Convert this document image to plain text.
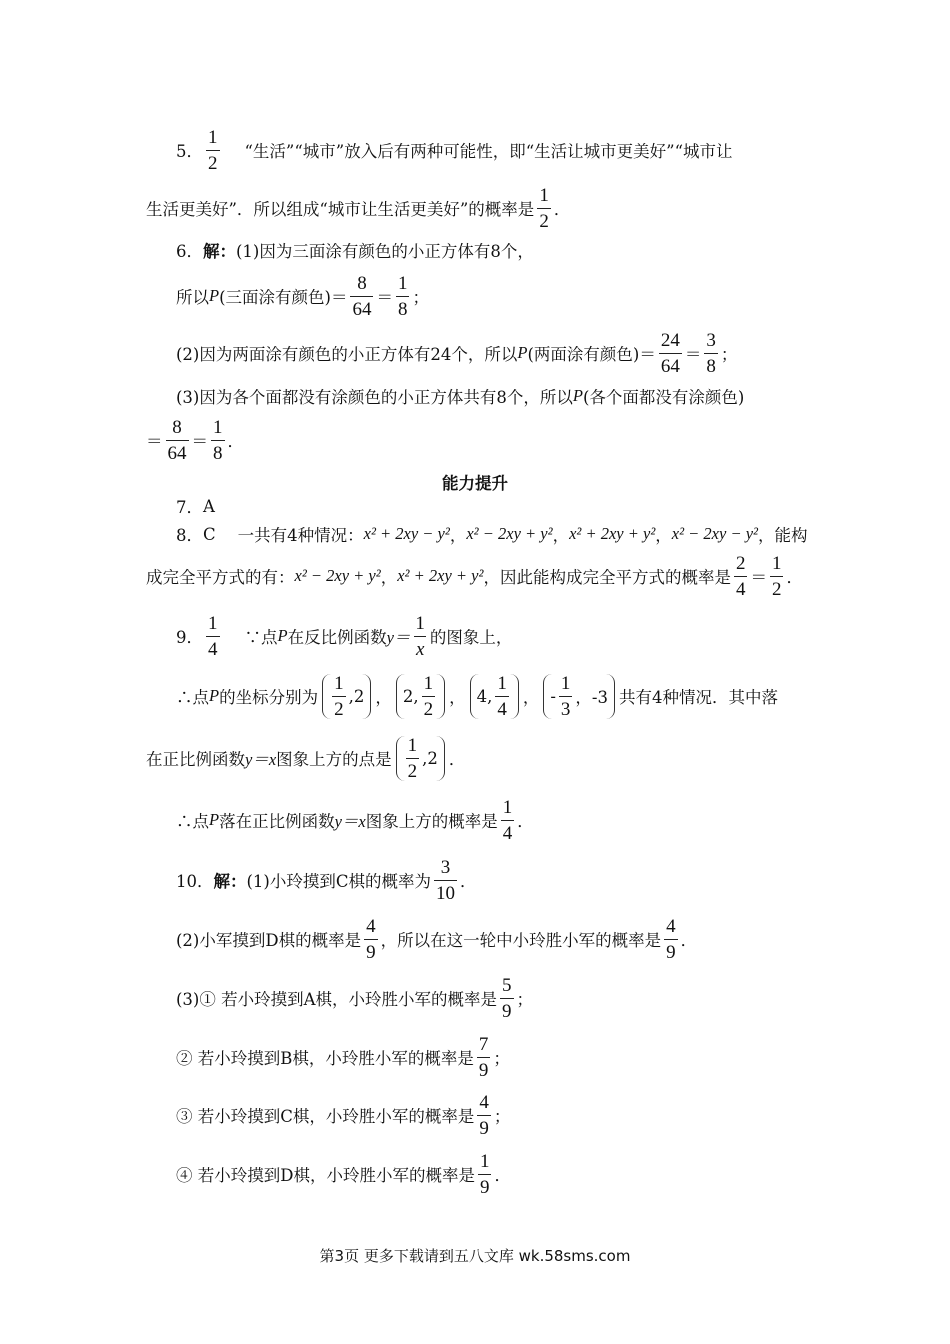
5． $\frac{1}{2}$ “生活”“城市”放入后有两种可能性，即“生活让城市更美好”“城市让
生活更美好”．所以组成“城市让生活更美好”的概率是 $\frac{1}{2}$ ．
6． 解： (1)因为三面涂有颜色的小正方体有8个，
所以 P (三面涂有颜色)＝ $\frac{8}{64} = \frac{1}{8}$ ；
(2)因为两面涂有颜色的小正方体有24个，所以 P (两面涂有颜色)＝ $\frac{24}{64} = \frac{3}{8}$ ；
(3)因为各个面都没有涂颜色的小正方体共有8个，所以 P (各个面都没有涂颜色)
＝ $\frac{8}{64} = \frac{1}{8}$ ．
能力提升
7． A
8． C 一共有4种情况： x² + 2xy − y² ， x² − 2xy + y² ， x² + 2xy + y² ， x² − 2xy − y² ，能构
成完全平方式的有： x² − 2xy + y² ， x² + 2xy + y² ，因此能构成完全平方式的概率是 $\frac{2}{4} = \frac{1}{2}$ ．
9． $\frac{1}{4}$ ∵点 P 在反比例函数 $y= \frac{1}{x}$ 的图象上，
∴点 P 的坐标分别为 $\frac{1}{2} ,2$ ， 2, $\frac{1}{2}$ ， 4, $\frac{1}{4}$ ， - $\frac{1}{3}$ ，-3 共有4种情况．其中落
在正比例函数 y＝x 图象上方的点是 $\frac{1}{2} ,2$ ．
∴点 P 落在正比例函数 y＝x 图象上方的概率是 $\frac{1}{4}$ ．
10． 解： (1)小玲摸到C棋的概率为 $\frac{3}{10}$ ．
(2)小军摸到D棋的概率是 $\frac{4}{9}$ ，所以在这一轮中小玲胜小军的概率是 $\frac{4}{9}$ ．
(3)① 若小玲摸到A棋，小玲胜小军的概率是 $\frac{5}{9}$ ；
② 若小玲摸到B棋，小玲胜小军的概率是 $\frac{7}{9}$ ；
③ 若小玲摸到C棋，小玲胜小军的概率是 $\frac{4}{9}$ ；
④ 若小玲摸到D棋，小玲胜小军的概率是 $\frac{1}{9}$ ．
第3页 更多下载请到五八文库 wk.58sms.com
